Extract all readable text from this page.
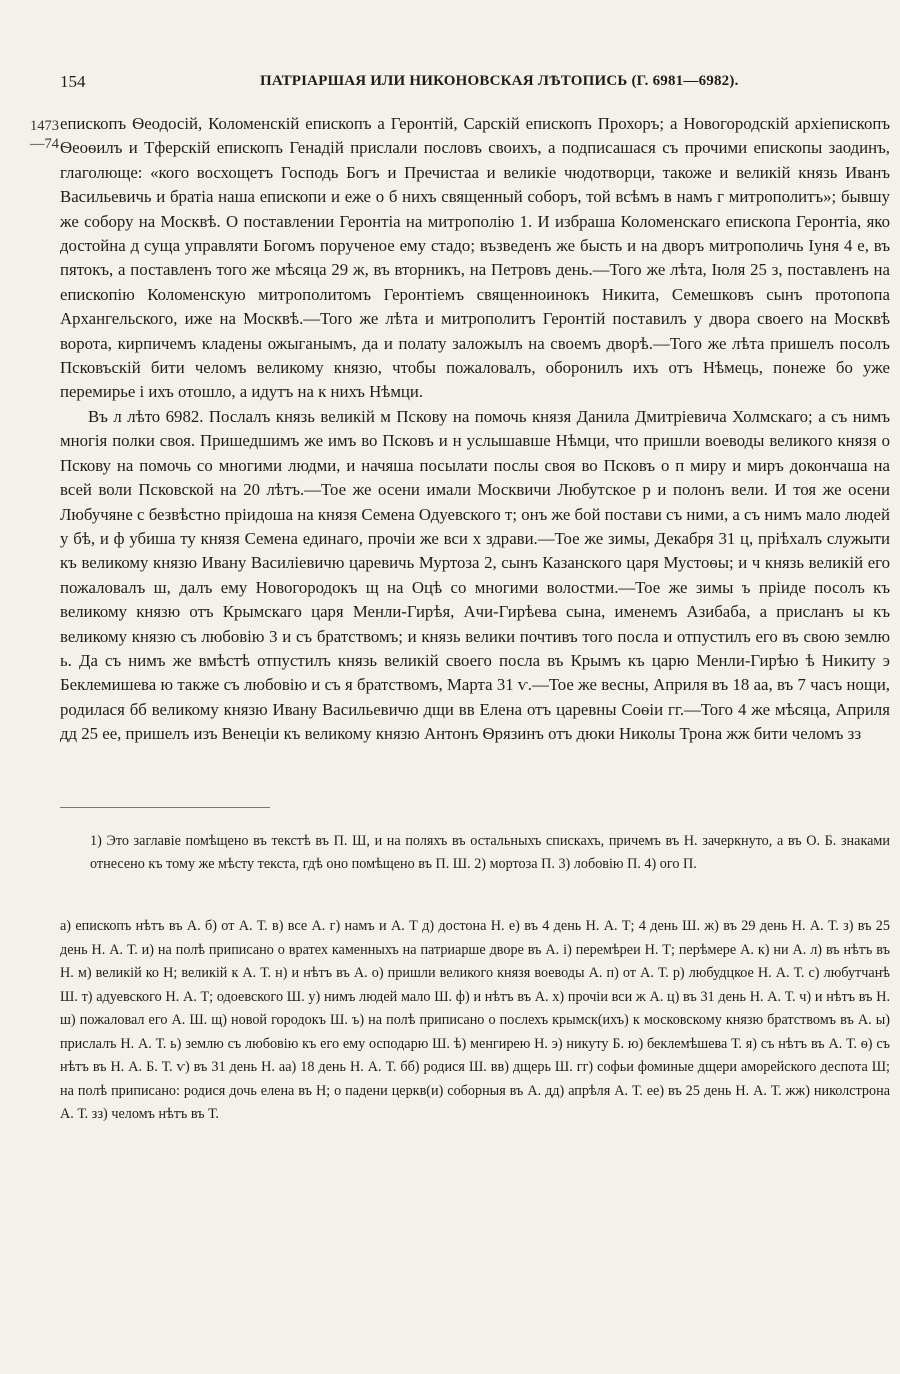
154	ПАТРІАРШАЯ ИЛИ НИКОНОВСКАЯ ЛѢТОПИСЬ (Г. 6981—6982).
1473
—74

епископъ Ѳеодосій, Коломенскій епископъ а Геронтій, Сарскій епископъ Прохоръ; а Новогородскій архіепископъ Ѳеоѳилъ и Тферскій епископъ Генадій прислали пословъ своихъ, а подписашася съ прочими епископы заодинъ, глаголюще: «кого восхощетъ Господь Богъ и Пречистаа и великіе чюдотворци, такоже и великій князь Иванъ Васильевичь и братіа наша епископи и еже о б нихъ священный соборъ, той всѣмъ в намъ г митрополитъ»; бывшу же собору на Москвѣ. О поставлении Геронтіа на митрополію 1. И избраша Коломенскаго епископа Геронтіа, яко достойна д суща управляти Богомъ порученое ему стадо; възведенъ же бысть и на дворъ митрополичь Іуня 4 е, въ пятокъ, а поставленъ того же мѣсяца 29 ж, въ вторникъ, на Петровъ день.—Того же лѣта, Іюля 25 з, поставленъ на епископію Коломенскую митрополитомъ Геронтіемъ священноинокъ Никита, Семешковъ сынъ протопопа Архангельского, иже на Москвѣ.—Того же лѣта и митрополитъ Геронтій поставилъ у двора своего на Москвѣ ворота, кирпичемъ кладены ожыганымъ, да и полату заложылъ на своемъ дворѣ.—Того же лѣта пришелъ посолъ Псковъскій бити челомъ великому князю, чтобы пожаловалъ, оборонилъ ихъ отъ Нѣмець, понеже бо уже перемирье і ихъ отошло, а идутъ на к нихъ Нѣмци.

Въ л лѣто 6982. Послалъ князь великій м Пскову на помочь князя Данила Дмитріевича Холмскаго; а съ нимъ многія полки своя. Пришедшимъ же имъ во Псковъ и н услышавше Нѣмци, что пришли воеводы великого князя о Пскову на помочь со многими людми, и начяша посылати послы своя во Псковъ о п миру и миръ докончаша на всей воли Псковской на 20 лѣтъ.—Тое же осени имали Москвичи Любутское р и полонъ вели. И тоя же осени Любучяне с безвѣстно пріидоша на князя Семена Одуевского т; онъ же бой постави съ ними, а съ нимъ мало людей у бѣ, и ф убиша ту князя Семена единаго, прочіи же вси х здрави.—Тое же зимы, Декабря 31 ц, пріѣхалъ служыти къ великому князю Ивану Василіевичю царевичь Муртоза 2, сынъ Казанского царя Мустоѳы; и ч князь великій его пожаловалъ ш, далъ ему Новогородокъ щ на Оцѣ со многими волостми.—Тое же зимы ъ пріиде посолъ къ великому князю отъ Крымскаго царя Менли-Гирѣя, Ачи-Гирѣева сына, именемъ Азибаба, а присланъ ы къ великому князю съ любовію 3 и съ братствомъ; и князь велики почтивъ того посла и отпустилъ его въ свою землю ь. Да съ нимъ же вмѣстѣ отпустилъ князь великій своего посла въ Крымъ къ царю Менли-Гирѣю ѣ Никиту э Беклемишева ю также съ любовію и съ я братствомъ, Марта 31 ѵ.—Тое же весны, Априля въ 18 аа, въ 7 часъ нощи, родилася бб великому князю Ивану Васильевичю дщи вв Елена отъ царевны Соѳіи гг.—Того 4 же мѣсяца, Априля дд 25 ее, пришелъ изъ Венеціи къ великому князю Антонъ Ѳрязинъ отъ дюки Николы Трона жж бити челомъ зз

1) Это заглавіе помѣщено въ текстѣ въ П. Ш, и на поляхъ въ остальныхъ спискахъ, причемъ въ Н. зачеркнуто, а въ О. Б. знаками отнесено къ тому же мѣсту текста, гдѣ оно помѣщено въ П. Ш. 2) мортоза П. 3) лобовію П. 4) ого П.

а) епископъ нѣтъ въ А. б) от А. Т. в) все А. г) намъ и А. Т д) достона Н. е) въ 4 день Н. А. Т; 4 день Ш. ж) въ 29 день Н. А. Т. з) въ 25 день Н. А. Т. и) на полѣ приписано о вратех каменныхъ на патриарше дворе въ А. і) перемѣреи Н. Т; перѣмере А. к) ни А. л) въ нѣтъ въ Н. м) великій ко Н; великій к А. Т. н) и нѣтъ въ А. о) пришли великого князя воеводы А. п) от А. Т. р) любудцкое Н. А. Т. с) любутчанѣ Ш. т) адуевского Н. А. Т; одоевского Ш. у) нимъ людей мало Ш. ф) и нѣтъ въ А. х) прочіи вси ж А. ц) въ 31 день Н. А. Т. ч) и нѣтъ въ Н. ш) пожаловал его А. Ш. щ) новой городокъ Ш. ъ) на полѣ приписано о послехъ крымск(ихъ) к московскому князю братствомъ въ А. ы) прислалъ Н. А. Т. ь) землю съ любовію къ его ему осподарю Ш. ѣ) менгирею Н. э) никуту Б. ю) беклемѣшева Т. я) съ нѣтъ въ А. Т. ѳ) съ нѣтъ въ Н. А. Б. Т. ѵ) въ 31 день Н. аа) 18 день Н. А. Т. бб) родися Ш. вв) дщерь Ш. гг) софьи фоминые дщери аморейского деспота Ш; на полѣ приписано: родися дочь елена въ Н; о падени церкв(и) соборныя въ А. дд) апрѣля А. Т. ее) въ 25 день Н. А. Т. жж) николстрона А. Т. зз) челомъ нѣтъ въ Т.
